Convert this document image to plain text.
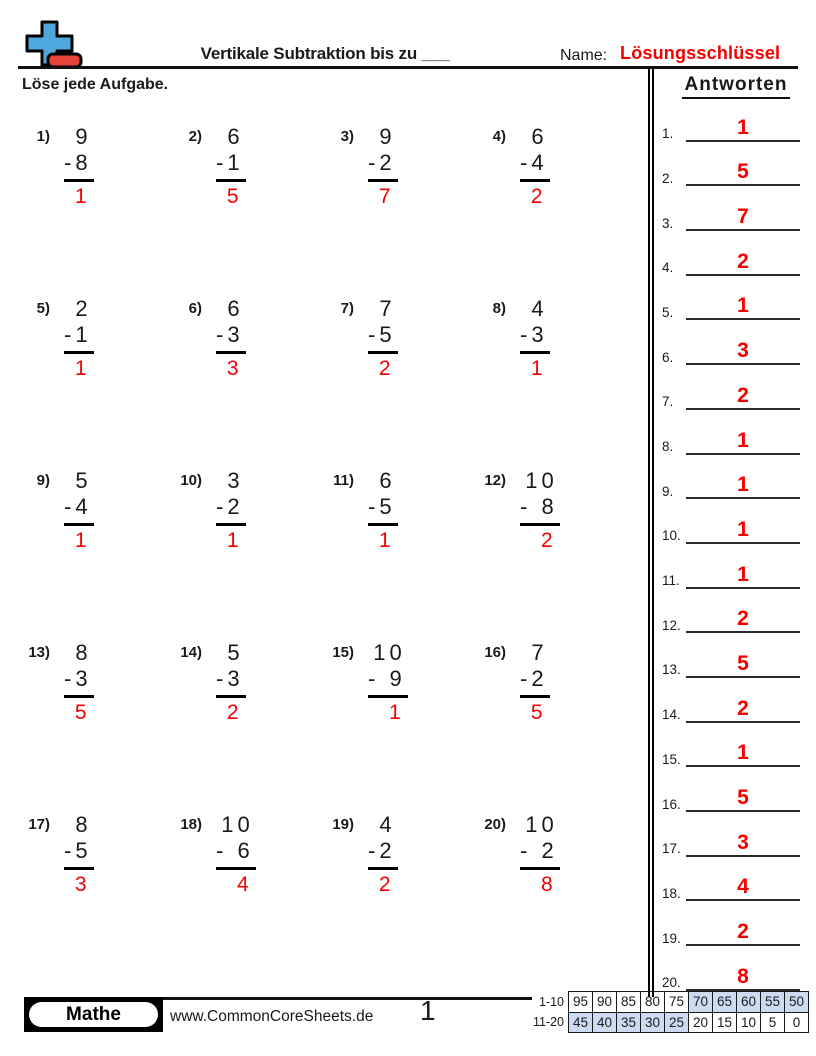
Vertikale Subtraktion bis zu ___	Name: Lösungsschlüssel
Löse jede Aufgabe.
1)	9
-8
1
2)	6
-1
5
3)	9
-2
7
4)	6
-4
2
5)	2
-1
1
6)	6
-3
3
7)	7
-5
2
8)	4
-3
1
9)	5
-4
1
10)	3
-2
1
11)	6
-5
1
12) 10
- 8
2
13)	8
-3
5
14)	5
-3
2
15) 10
- 9
1
16)	7
-2
5
17)	8
-5
3
18) 10
- 6
4
19)	4
-2
2
20) 10
- 2
8
Antworten
1.	1
2.	5
3.	7
4.	2
5.	1
6.	3
7.	2
8.	1
9.	1
10.	1
11.	1
12.	2
13.	5
14.	2
15.	1
16.	5
17.	3
18.	4
19.	2
20.	8
Mathe	www.CommonCoreSheets.de 1	1-10	95	90	85	80	75	70	65	60	55	50
11-20	45	40	35	30	25	20	15	10	5	0
